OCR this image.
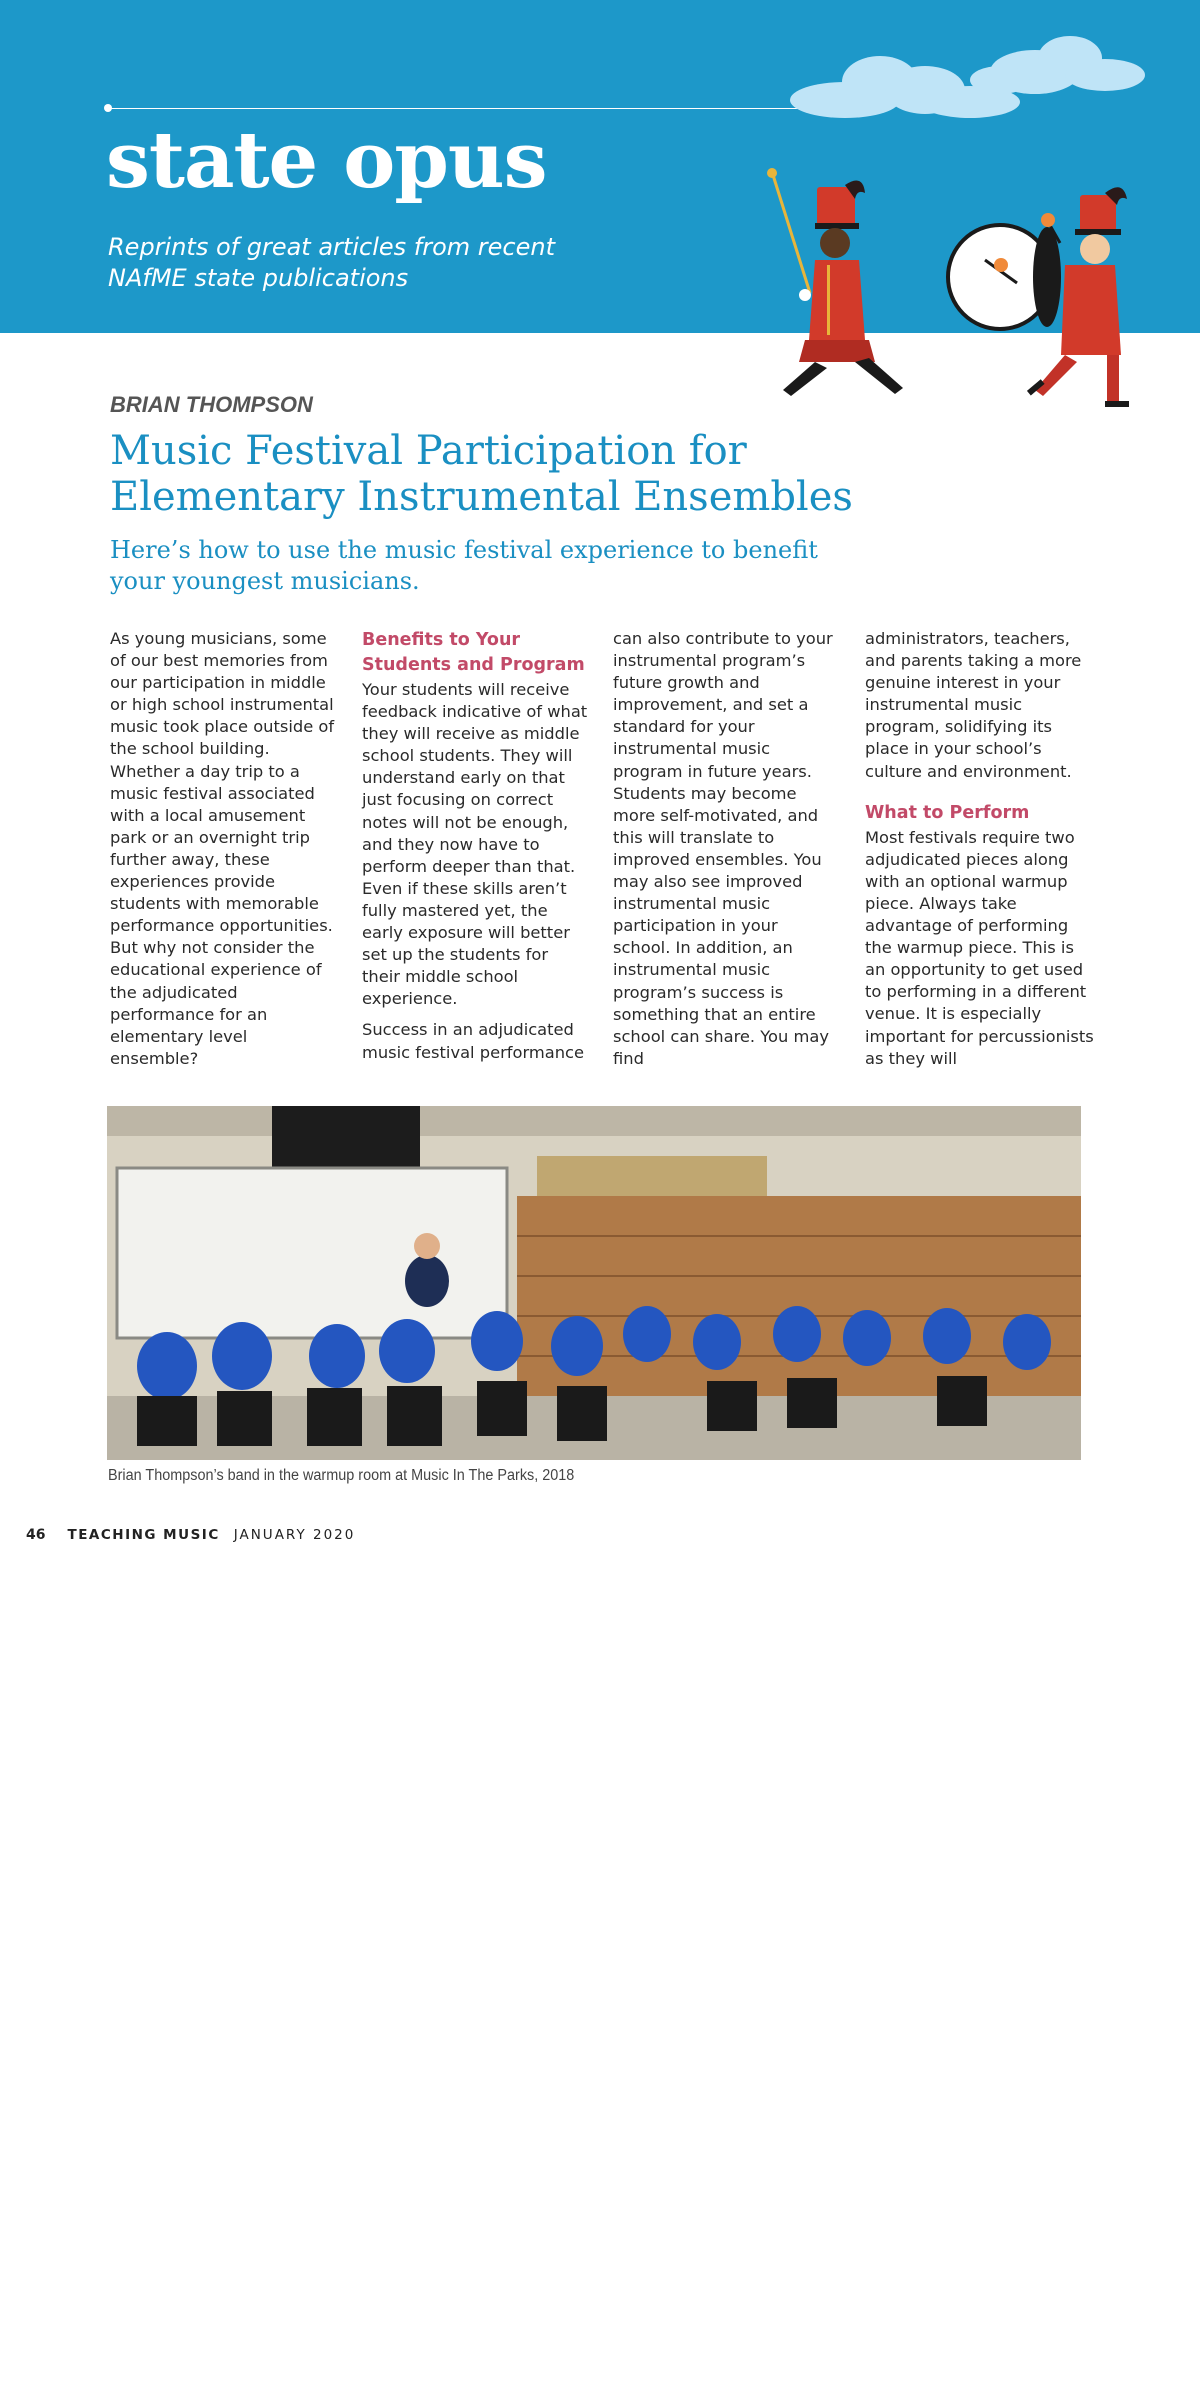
state opus
Reprints of great articles from recent NAfME state publications
BRIAN THOMPSON
Music Festival Participation for Elementary Instrumental Ensembles
Here’s how to use the music festival experience to benefit your youngest musicians.

As young musicians, some of our best memories from our participation in middle or high school instrumental music took place outside of the school building. Whether a day trip to a music festival associated with a local amusement park or an overnight trip further away, these experiences provide students with memorable performance opportunities. But why not consider the educational experience of the adjudicated performance for an elementary level ensemble?

Benefits to Your Students and Program

Your students will receive feedback indicative of what they will receive as middle school students. They will understand early on that just focusing on correct notes will not be enough, and they now have to perform deeper than that. Even if these skills aren’t fully mastered yet, the early exposure will better set up the students for their middle school experience.

Success in an adjudicated music festival performance

can also contribute to your instrumental program’s future growth and improvement, and set a standard for your instrumental music program in future years. Students may become more self-motivated, and this will translate to improved ensembles. You may also see improved instrumental music participation in your school. In addition, an instrumental music program’s success is something that an entire school can share. You may find

administrators, teachers, and parents taking a more genuine interest in your instrumental music program, solidifying its place in your school’s culture and environment.

What to Perform

Most festivals require two adjudicated pieces along with an optional warmup piece. Always take advantage of performing the warmup piece. This is an opportunity to get used to performing in a different venue. It is especially important for percussionists as they will

Photo credit: Whitney Warner
Brian Thompson’s band in the warmup room at Music In The Parks, 2018
46 TEACHING MUSIC JANUARY 2020
